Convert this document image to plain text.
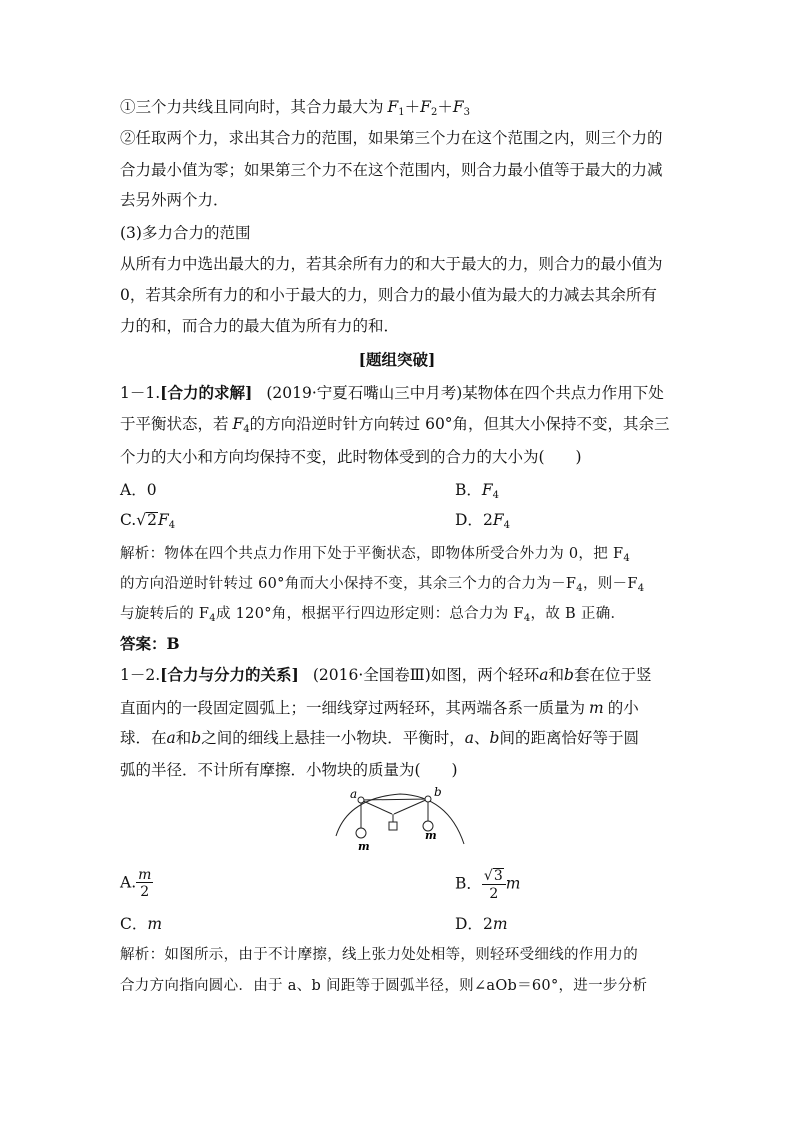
①三个力共线且同向时，其合力最大为 $F_1+F_2+F_3$
②任取两个力，求出其合力的范围，如果第三个力在这个范围之内，则三个力的
合力最小值为零；如果第三个力不在这个范围内，则合力最小值等于最大的力减
去另外两个力．
(3)多力合力的范围
从所有力中选出最大的力，若其余所有力的和大于最大的力，则合力的最小值为
0，若其余所有力的和小于最大的力，则合力的最小值为最大的力减去其余所有
力的和，而合力的最大值为所有力的和．
[题组突破]
1－1.[合力的求解] (2019·宁夏石嘴山三中月考)某物体在四个共点力作用下处
于平衡状态，若 $F_4$的方向沿逆时针方向转过 60°角，但其大小保持不变，其余三
个力的大小和方向均保持不变，此时物体受到的合力的大小为(　　)
A．0	B．$F_4$
$C.√2F_4$	D．$2F_4$
解析：物体在四个共点力作用下处于平衡状态，即物体所受合外力为 0，把 $F_4$
的方向沿逆时针转过 60°角而大小保持不变，其余三个力的合力为$-F_4$，则$-F_4$
与旋转后的 $F_4$成 120°角，根据平行四边形定则：总合力为 $F_4$，故 B 正确．
答案：B
1－2.[合力与分力的关系] (2016·全国卷Ⅲ)如图，两个轻环a和b套在位于竖
直面内的一段固定圆弧上；一细线穿过两轻环，其两端各系一质量为 m 的小
球．在a和b之间的细线上悬挂一小物块．平衡时，a、b间的距离恰好等于圆
弧的半径．不计所有摩擦．小物块的质量为(　　)
a	b
m
m
A. $\frac{m}{2}$	B． $\frac{√3}{2}$ m
C．m	D．2m
解析：如图所示，由于不计摩擦，线上张力处处相等，则轻环受细线的作用力的
合力方向指向圆心．由于 a、b 间距等于圆弧半径，则∠aOb＝60°，进一步分析
